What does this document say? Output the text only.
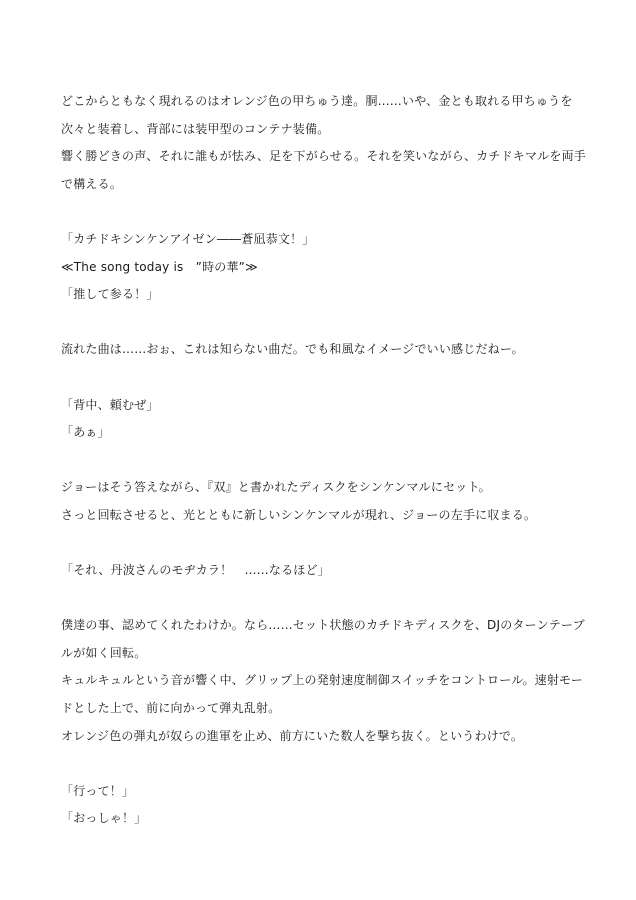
どこからともなく現れるのはオレンジ色の甲ちゅう達。胴……いや、金とも取れる甲ちゅうを
次々と装着し、背部には装甲型のコンテナ装備。
響く勝どきの声、それに誰もが怯み、足を下がらせる。それを笑いながら、カチドキマルを両手
で構える。
「カチドキシンケンアイゼン――蒼凪恭文！」
≪The song today is　”時の華”≫
「推して参る！」
流れた曲は……おぉ、これは知らない曲だ。でも和風なイメージでいい感じだねー。
「背中、頼むぜ」
「あぁ」
ジョーはそう答えながら、『双』と書かれたディスクをシンケンマルにセット。
さっと回転させると、光とともに新しいシンケンマルが現れ、ジョーの左手に収まる。
「それ、丹波さんのモヂカラ！　……なるほど」
僕達の事、認めてくれたわけか。なら……セット状態のカチドキディスクを、DJのターンテーブ
ルが如く回転。
キュルキュルという音が響く中、グリップ上の発射速度制御スイッチをコントロール。速射モー
ドとした上で、前に向かって弾丸乱射。
オレンジ色の弾丸が奴らの進軍を止め、前方にいた数人を撃ち抜く。というわけで。
「行って！」
「おっしゃ！」
